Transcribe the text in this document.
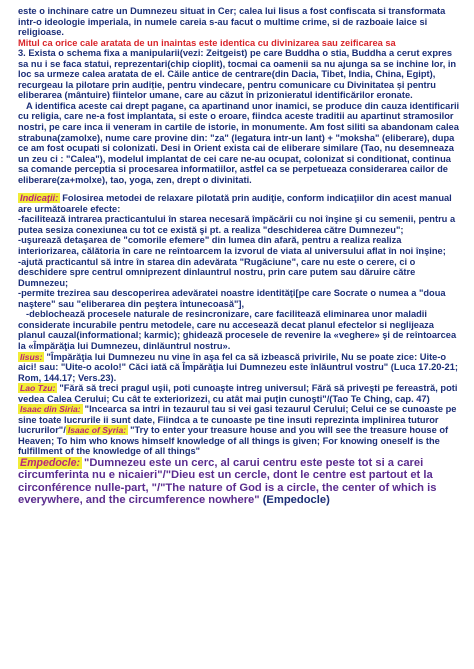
este o inchinare catre un Dumnezeu situat in Cer; calea lui Iisus a fost confiscata si transformata intr-o ideologie imperiala, in numele careia s-au facut o multime crime, si de razboaie laice si religioase.

Mitul ca orice cale aratata de un inaintas este identica cu divinizarea sau zeificarea sa

3. Exista o schema fixa a manipularii(vezi: Zeitgeist) pe care Buddha o stia, Buddha a cerut expres sa nu i se faca statui, reprezentari(chip cioplit), tocmai ca oamenii sa nu ajunga sa se inchine lor, in loc sa urmeze calea aratata de el. Căile antice de centrare(din Dacia, Tibet, India, China, Egipt), recurgeau la pilotare prin audiție, pentru vindecare, pentru comunicare cu Divinitatea și pentru eliberarea (mântuire) fiintelor umane, care au căzut în prizonieratul identificărilor eronate.

A identifica aceste cai drept pagane, ca apartinand unor inamici, se produce din cauza identificarii cu religia, care ne-a fost implantata, si este o eroare, fiindca aceste traditii au apartinut stramosilor nostri, pe care inca ii veneram in cartile de istorie, in monumente. Am fost siliti sa abandonam calea strabuna(zamolxe), nume care provine din: "za" (legatura intr-un lant) + "moksha" (eliberare), dupa ce am fost ocupati si colonizati. Desi in Orient exista cai de eliberare similare (Tao, nu desemneaza un zeu ci : "Calea"), modelul implantat de cei care ne-au ocupat, colonizat si conditionat, continua sa comande perceptia si procesarea informatiilor, astfel ca se perpetueaza considerarea cailor de eliberare(za+molxe), tao, yoga, zen, drept o divinitati.

Indicaţii: Folosirea metodei de relaxare pilotată prin audiţie, conform indicaţiilor din acest manual are următoarele efecte:

-facilitează intrarea practicantului în starea necesară împăcării cu noi înşine şi cu semenii, pentru a putea sesiza conexiunea cu tot ce există şi pt. a realiza "deschiderea către Dumnezeu";

-uşurează detaşarea de "comorile efemere" din lumea din afară, pentru a realiza realiza interiorizarea, călătoria în care ne reîntoarcem la izvorul de viata al universului aflat în noi înşine;

-ajută practicantul să intre în starea din adevărata "Rugăciune", care nu este o cerere, ci o deschidere spre centrul omniprezent dinlauntrul nostru, prin care putem sau dăruire către Dumnezeu;

-permite trezirea sau descoperirea adevăratei noastre identităţi[pe care Socrate o numea a "doua naştere" sau "eliberarea din peştera întunecoasă"],

-deblochează procesele naturale de resincronizare, care facilitează eliminarea unor maladii considerate incurabile pentru metodele, care nu accesează decat planul efectelor si neglijeaza planul cauzal(informational; karmic); ghidează procesele de revenire la «veghere» şi de reîntoarcea la «Împărăţia lui Dumnezeu, dinlăuntrul nostru».

Iisus: "Împărăţia lui Dumnezeu nu vine în aşa fel ca să izbească privirile, Nu se poate zice: Uite-o aici! sau: "Uite-o acolo!" Căci iată că Împărăţia lui Dumnezeu este înlăuntrul vostru" (Luca 17.20-21; Rom, 144.17; Vers.23).

Lao Tzu: "Fără să treci pragul uşii, poti cunoaşte intreg universul; Fără să priveşti pe fereastră, poti vedea Calea Cerului; Cu cât te exteriorizezi, cu atât mai puţin cunoşti"/(Tao Te Ching, cap. 47)

Isaac din Siria: "Incearca sa intri in tezaurul tau si vei gasi tezaurul Cerului; Celui ce se cunoaste pe sine toate lucrurile ii sunt date, Fiindca a te cunoaste pe tine insuti reprezinta implinirea tuturor lucrurilor"/ Isaac of Syria: "Try to enter your treasure house and you will see the treasure house of Heaven; To him who knows himself knowledge of all things is given; For knowing oneself is the fulfillment of the knowledge of all things"

Empedocle: "Dumnezeu este un cerc, al carui centru este peste tot si a carei circumferinta nu e nicaieri"/"Dieu est un cercle, dont le centre est partout et la circonférence nulle-part, "/"The nature of God is a circle, the center of which is everywhere, and the circumference nowhere" (Empedocle)
